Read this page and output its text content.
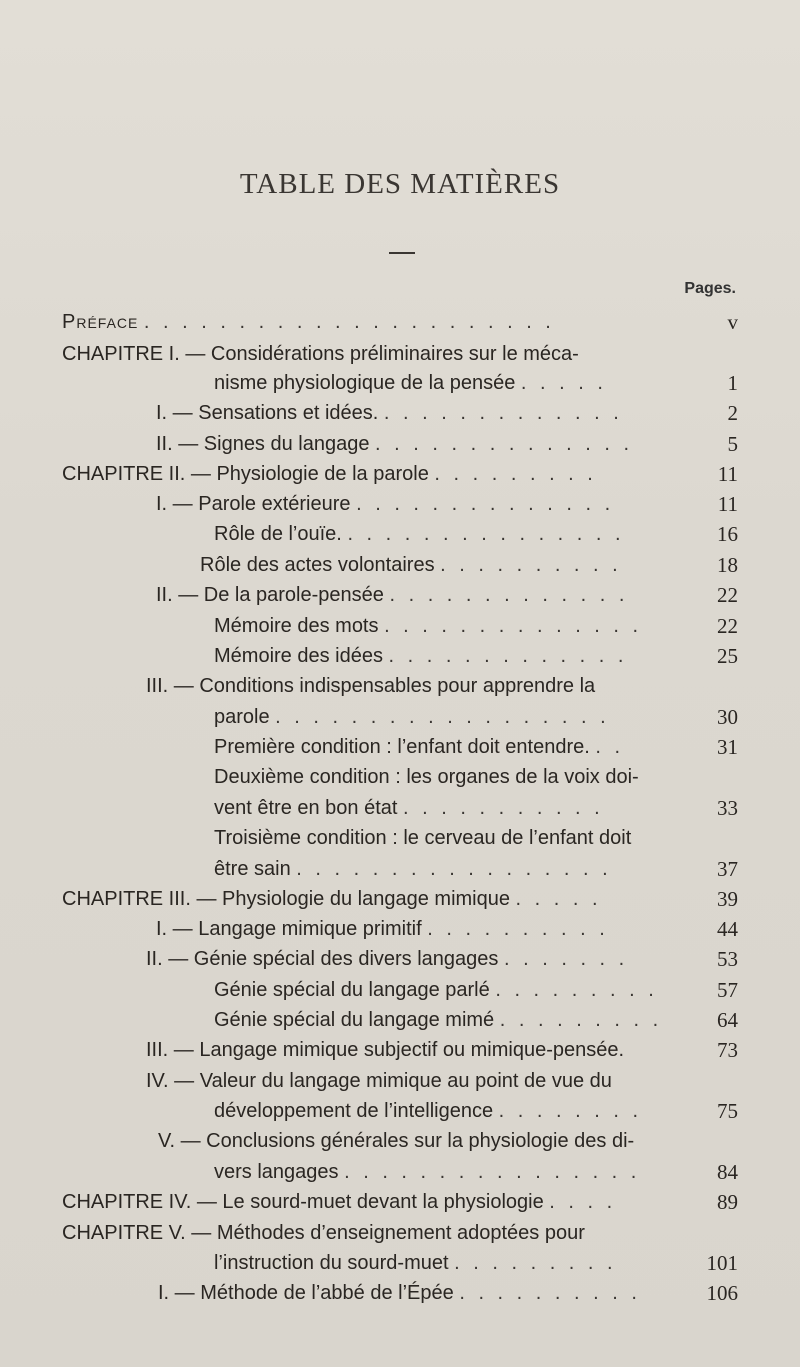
TABLE DES MATIÈRES
Pages.
Préface . . . . . . . . . . . . . . . . . . . . . .	v
CHAPITRE I. — Considérations préliminaires sur le méca-
nisme physiologique de la pensée . . . . .	1
I. — Sensations et idées. . . . . . . . . . . . . .	2
II. — Signes du langage . . . . . . . . . . . . . .	5
CHAPITRE II. — Physiologie de la parole . . . . . . . . .	11
I. — Parole extérieure . . . . . . . . . . . . . .	11
Rôle de l’ouïe. . . . . . . . . . . . . . . .	16
Rôle des actes volontaires . . . . . . . . . .	18
II. — De la parole-pensée . . . . . . . . . . . . .	22
Mémoire des mots . . . . . . . . . . . . . .	22
Mémoire des idées . . . . . . . . . . . . .	25
III. — Conditions indispensables pour apprendre la
parole . . . . . . . . . . . . . . . . . .	30
Première condition : l’enfant doit entendre. . .	31
Deuxième condition : les organes de la voix doi-
vent être en bon état . . . . . . . . . . .	33
Troisième condition : le cerveau de l’enfant doit
être sain . . . . . . . . . . . . . . . . .	37
CHAPITRE III. — Physiologie du langage mimique . . . . .	39
I. — Langage mimique primitif . . . . . . . . . .	44
II. — Génie spécial des divers langages . . . . . . .	53
Génie spécial du langage parlé . . . . . . . . .	57
Génie spécial du langage mimé . . . . . . . . .	64
III. — Langage mimique subjectif ou mimique-pensée.	73
IV. — Valeur du langage mimique au point de vue du
développement de l’intelligence . . . . . . . .	75
V. — Conclusions générales sur la physiologie des di-
vers langages . . . . . . . . . . . . . . . .	84
CHAPITRE IV. — Le sourd-muet devant la physiologie . . . .	89
CHAPITRE V. — Méthodes d’enseignement adoptées pour
l’instruction du sourd-muet . . . . . . . . .	101
I. — Méthode de l’abbé de l’Épée . . . . . . . . . .	106
